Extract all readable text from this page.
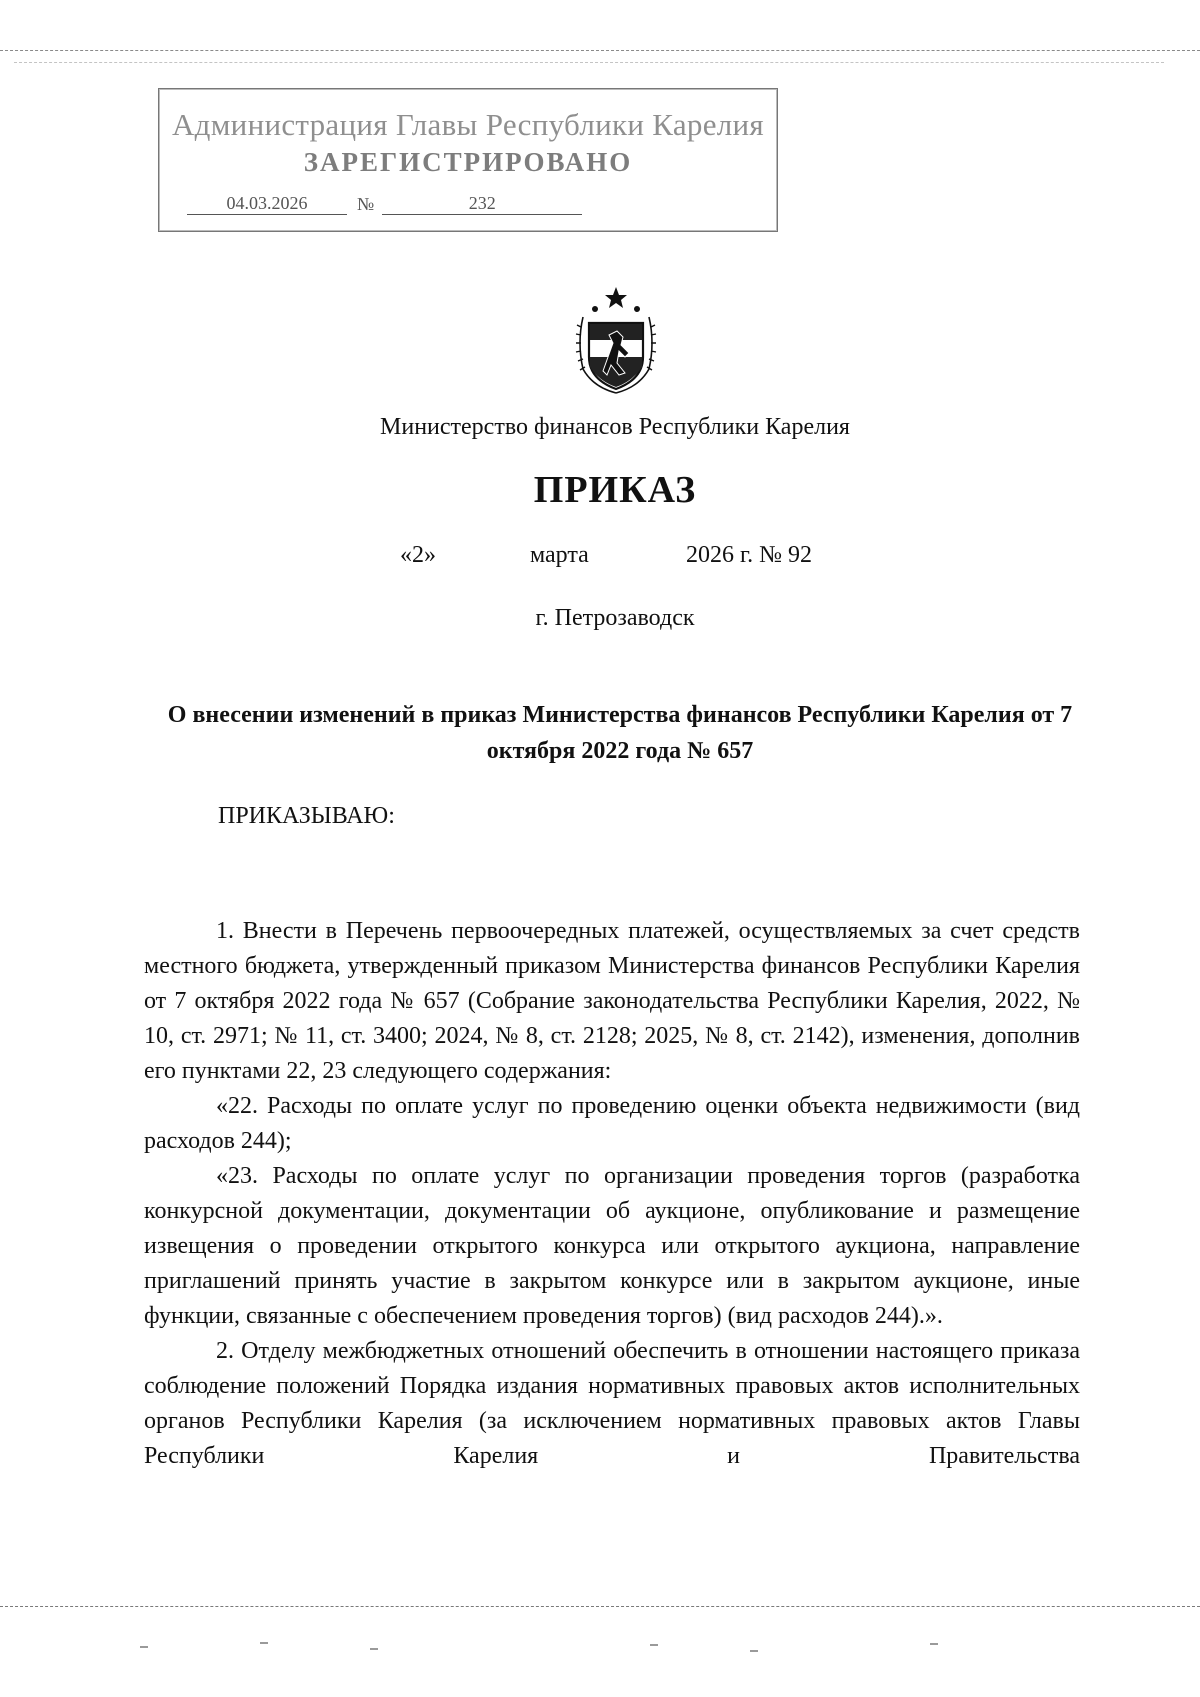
Администрация Главы Республики Карелия
ЗАРЕГИСТРИРОВАНО
04.03.2026	№	232
Министерство финансов Республики Карелия
ПРИКАЗ
«2»	марта	2026 г. № 92
г. Петрозаводск
О внесении изменений в приказ Министерства финансов Республики Карелия от 7 октября 2022 года № 657
ПРИКАЗЫВАЮ:

1. Внести в Перечень первоочередных платежей, осуществляемых за счет средств местного бюджета, утвержденный приказом Министерства финансов Республики Карелия от 7 октября 2022 года № 657 (Собрание законодательства Республики Карелия, 2022, № 10, ст. 2971; № 11, ст. 3400; 2024, № 8, ст. 2128; 2025, № 8, ст. 2142), изменения, дополнив его пунктами 22, 23 следующего содержания:

«22. Расходы по оплате услуг по проведению оценки объекта недвижимости (вид расходов 244);

«23. Расходы по оплате услуг по организации проведения торгов (разработка конкурсной документации, документации об аукционе, опубликование и размещение извещения о проведении открытого конкурса или открытого аукциона, направление приглашений принять участие в закрытом конкурсе или в закрытом аукционе, иные функции, связанные с обеспечением проведения торгов) (вид расходов 244).».

2. Отделу межбюджетных отношений обеспечить в отношении настоящего приказа соблюдение положений Порядка издания нормативных правовых актов исполнительных органов Республики Карелия (за исключением нормативных правовых актов Главы Республики Карелия и Правительства
